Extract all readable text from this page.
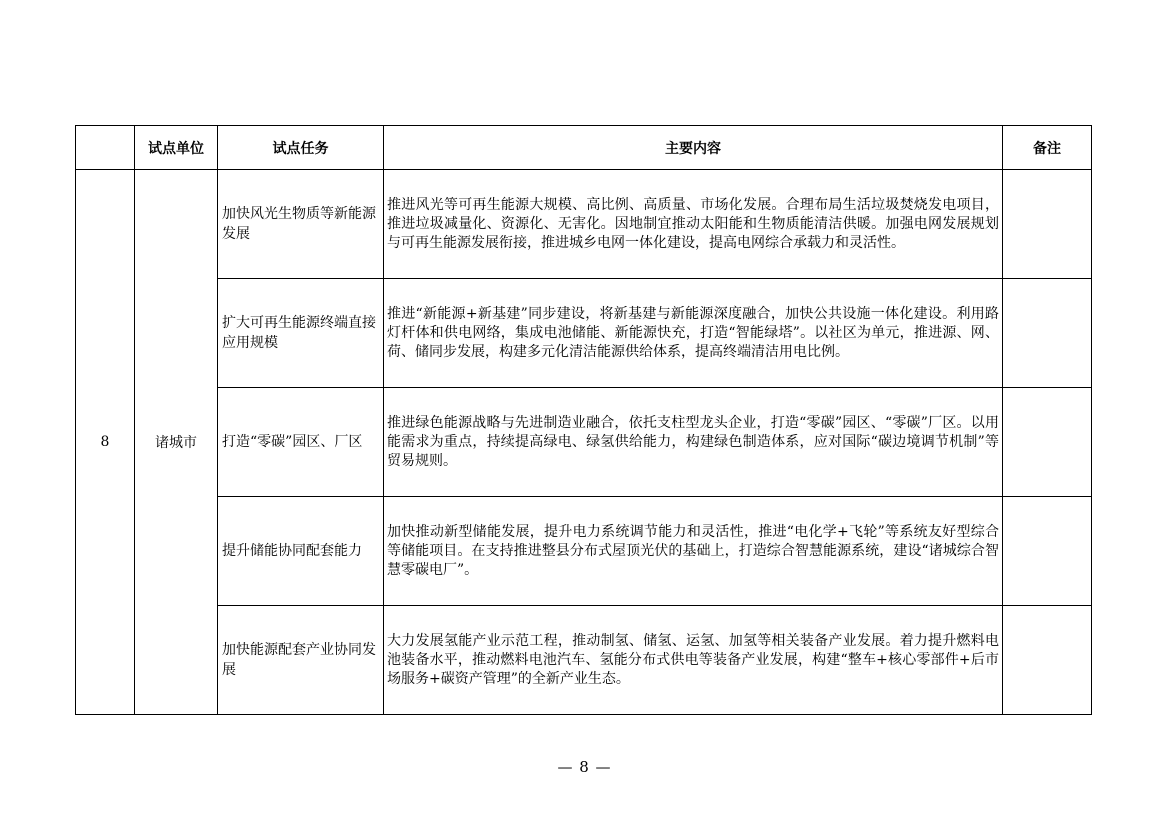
	试点单位	试点任务	主要内容	备注
8	诸城市	加快风光生物质等新能源发展	推进风光等可再生能源大规模、高比例、高质量、市场化发展。合理布局生活垃圾焚烧发电项目，推进垃圾减量化、资源化、无害化。因地制宜推动太阳能和生物质能清洁供暖。加强电网发展规划与可再生能源发展衔接，推进城乡电网一体化建设，提高电网综合承载力和灵活性。	
		扩大可再生能源终端直接应用规模	推进“新能源+新基建”同步建设，将新基建与新能源深度融合，加快公共设施一体化建设。利用路灯杆体和供电网络，集成电池储能、新能源快充，打造“智能绿塔”。以社区为单元，推进源、网、荷、储同步发展，构建多元化清洁能源供给体系，提高终端清洁用电比例。	
		打造“零碳”园区、厂区	推进绿色能源战略与先进制造业融合，依托支柱型龙头企业，打造“零碳”园区、“零碳”厂区。以用能需求为重点，持续提高绿电、绿氢供给能力，构建绿色制造体系，应对国际“碳边境调节机制”等贸易规则。	
		提升储能协同配套能力	加快推动新型储能发展，提升电力系统调节能力和灵活性，推进“电化学+飞轮”等系统友好型综合等储能项目。在支持推进整县分布式屋顶光伏的基础上，打造综合智慧能源系统，建设“诸城综合智慧零碳电厂”。	
		加快能源配套产业协同发展	大力发展氢能产业示范工程，推动制氢、储氢、运氢、加氢等相关装备产业发展。着力提升燃料电池装备水平，推动燃料电池汽车、氢能分布式供电等装备产业发展，构建“整车+核心零部件+后市场服务+碳资产管理”的全新产业生态。	
— 8 —
